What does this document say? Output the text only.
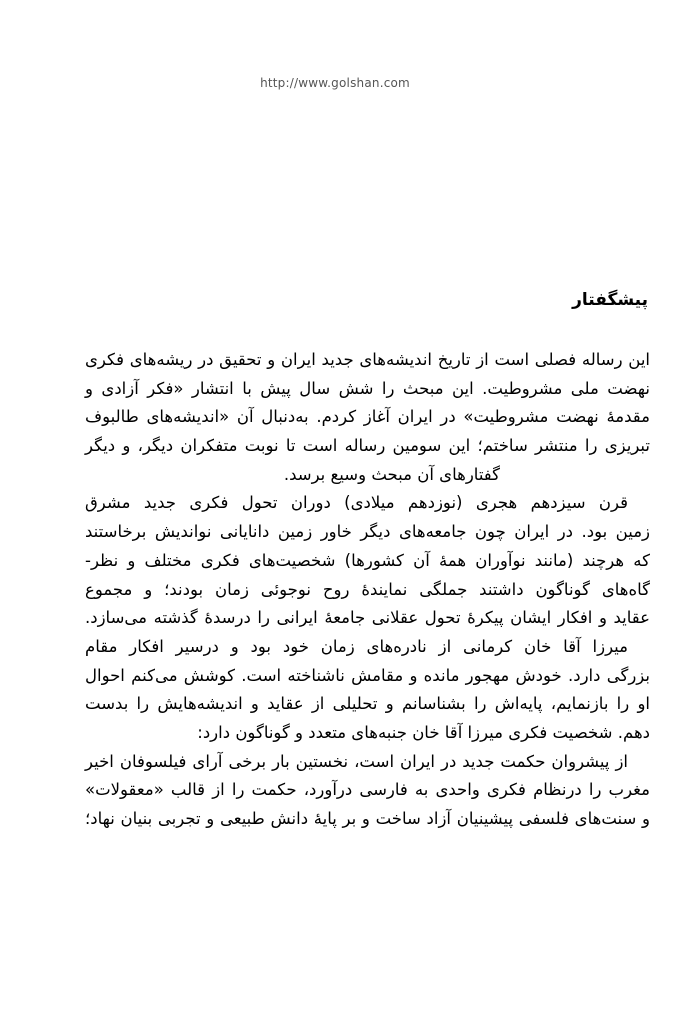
http://www.golshan.com
پیشگفتار
این رساله فصلی است از تاریخ اندیشه‌های جدید ایران و تحقیق در ریشه‌های فکری
نهضت ملی مشروطیت. این مبحث را شش سال پیش با انتشار «فکر آزادی و
مقدمهٔ نهضت مشروطیت» در ایران آغاز کردم. به‌دنبال آن «اندیشه‌های طالبوف
تبریزی را منتشر ساختم؛ این سومین رساله است تا نوبت متفکران دیگر، و دیگر
گفتارهای آن مبحث وسیع برسد.
قرن سیزدهم هجری (نوزدهم میلادی) دوران تحول فکری جدید مشرق
زمین بود. در ایران چون جامعه‌های دیگر خاور زمین دانایانی نواندیش برخاستند
که هرچند (مانند نوآوران همهٔ آن کشورها) شخصیت‌های فکری مختلف و نظر-
گاه‌های گوناگون داشتند جملگی نمایندهٔ روح نوجوئی زمان بودند؛ و مجموع
عقاید و افکار ایشان پیکرهٔ تحول عقلانی جامعهٔ ایرانی را درسدهٔ گذشته می‌سازد.
میرزا آقا خان کرمانی از نادره‌های زمان خود بود و درسیر افکار مقام
بزرگی دارد. خودش مهجور مانده و مقامش ناشناخته است. کوشش می‌کنم احوال
او را بازنمایم، پایه‌اش را بشناسانم و تحلیلی از عقاید و اندیشه‌هایش را بدست
دهم. شخصیت فکری میرزا آقا خان جنبه‌های متعدد و گوناگون دارد:
از پیشروان حکمت جدید در ایران است، نخستین بار برخی آرای فیلسوفان اخیر
مغرب را درنظام فکری واحدی به فارسی درآورد، حکمت را از قالب «معقولات»
و سنت‌های فلسفی پیشینیان آزاد ساخت و بر پایهٔ دانش طبیعی و تجربی بنیان نهاد؛
